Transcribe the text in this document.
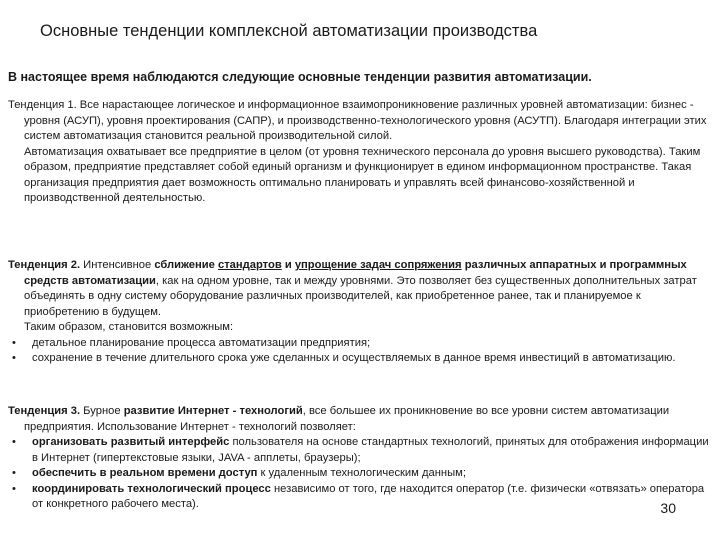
Основные тенденции комплексной автоматизации производства
В настоящее время наблюдаются следующие основные тенденции развития автоматизации.

Тенденция 1. Все нарастающее логическое и информационное взаимопроникновение различных уровней автоматизации: бизнес - уровня (АСУП), уровня проектирования (САПР), и производственно-технологического уровня (АСУТП). Благодаря интеграции этих систем автоматизация становится реальной производительной силой.

Автоматизация охватывает все предприятие в целом (от уровня технического персонала до уровня высшего руководства). Таким образом, предприятие представляет собой единый организм и функционирует в едином информационном пространстве. Такая организация предприятия дает возможность оптимально планировать и управлять всей финансово-хозяйственной и производственной деятельностью.

Тенденция 2. Интенсивное сближение стандартов и упрощение задач сопряжения различных аппаратных и программных средств автоматизации, как на одном уровне, так и между уровнями. Это позволяет без существенных дополнительных затрат объединять в одну систему оборудование различных производителей, как приобретенное ранее, так и планируемое к приобретению в будущем.

Таким образом, становится возможным:

• детальное планирование процесса автоматизации предприятия;

• сохранение в течение длительного срока уже сделанных и осуществляемых в данное время инвестиций в автоматизацию.

Тенденция 3. Бурное развитие Интернет - технологий, все большее их проникновение во все уровни систем автоматизации предприятия. Использование Интернет - технологий позволяет:

• организовать развитый интерфейс пользователя на основе стандартных технологий, принятых для отображения информации в Интернет (гипертекстовые языки, JAVA - апплеты, браузеры);

• обеспечить в реальном времени доступ к удаленным технологическим данным;

• координировать технологический процесс независимо от того, где находится оператор (т.е. физически «отвязать» оператора от конкретного рабочего места).	30
